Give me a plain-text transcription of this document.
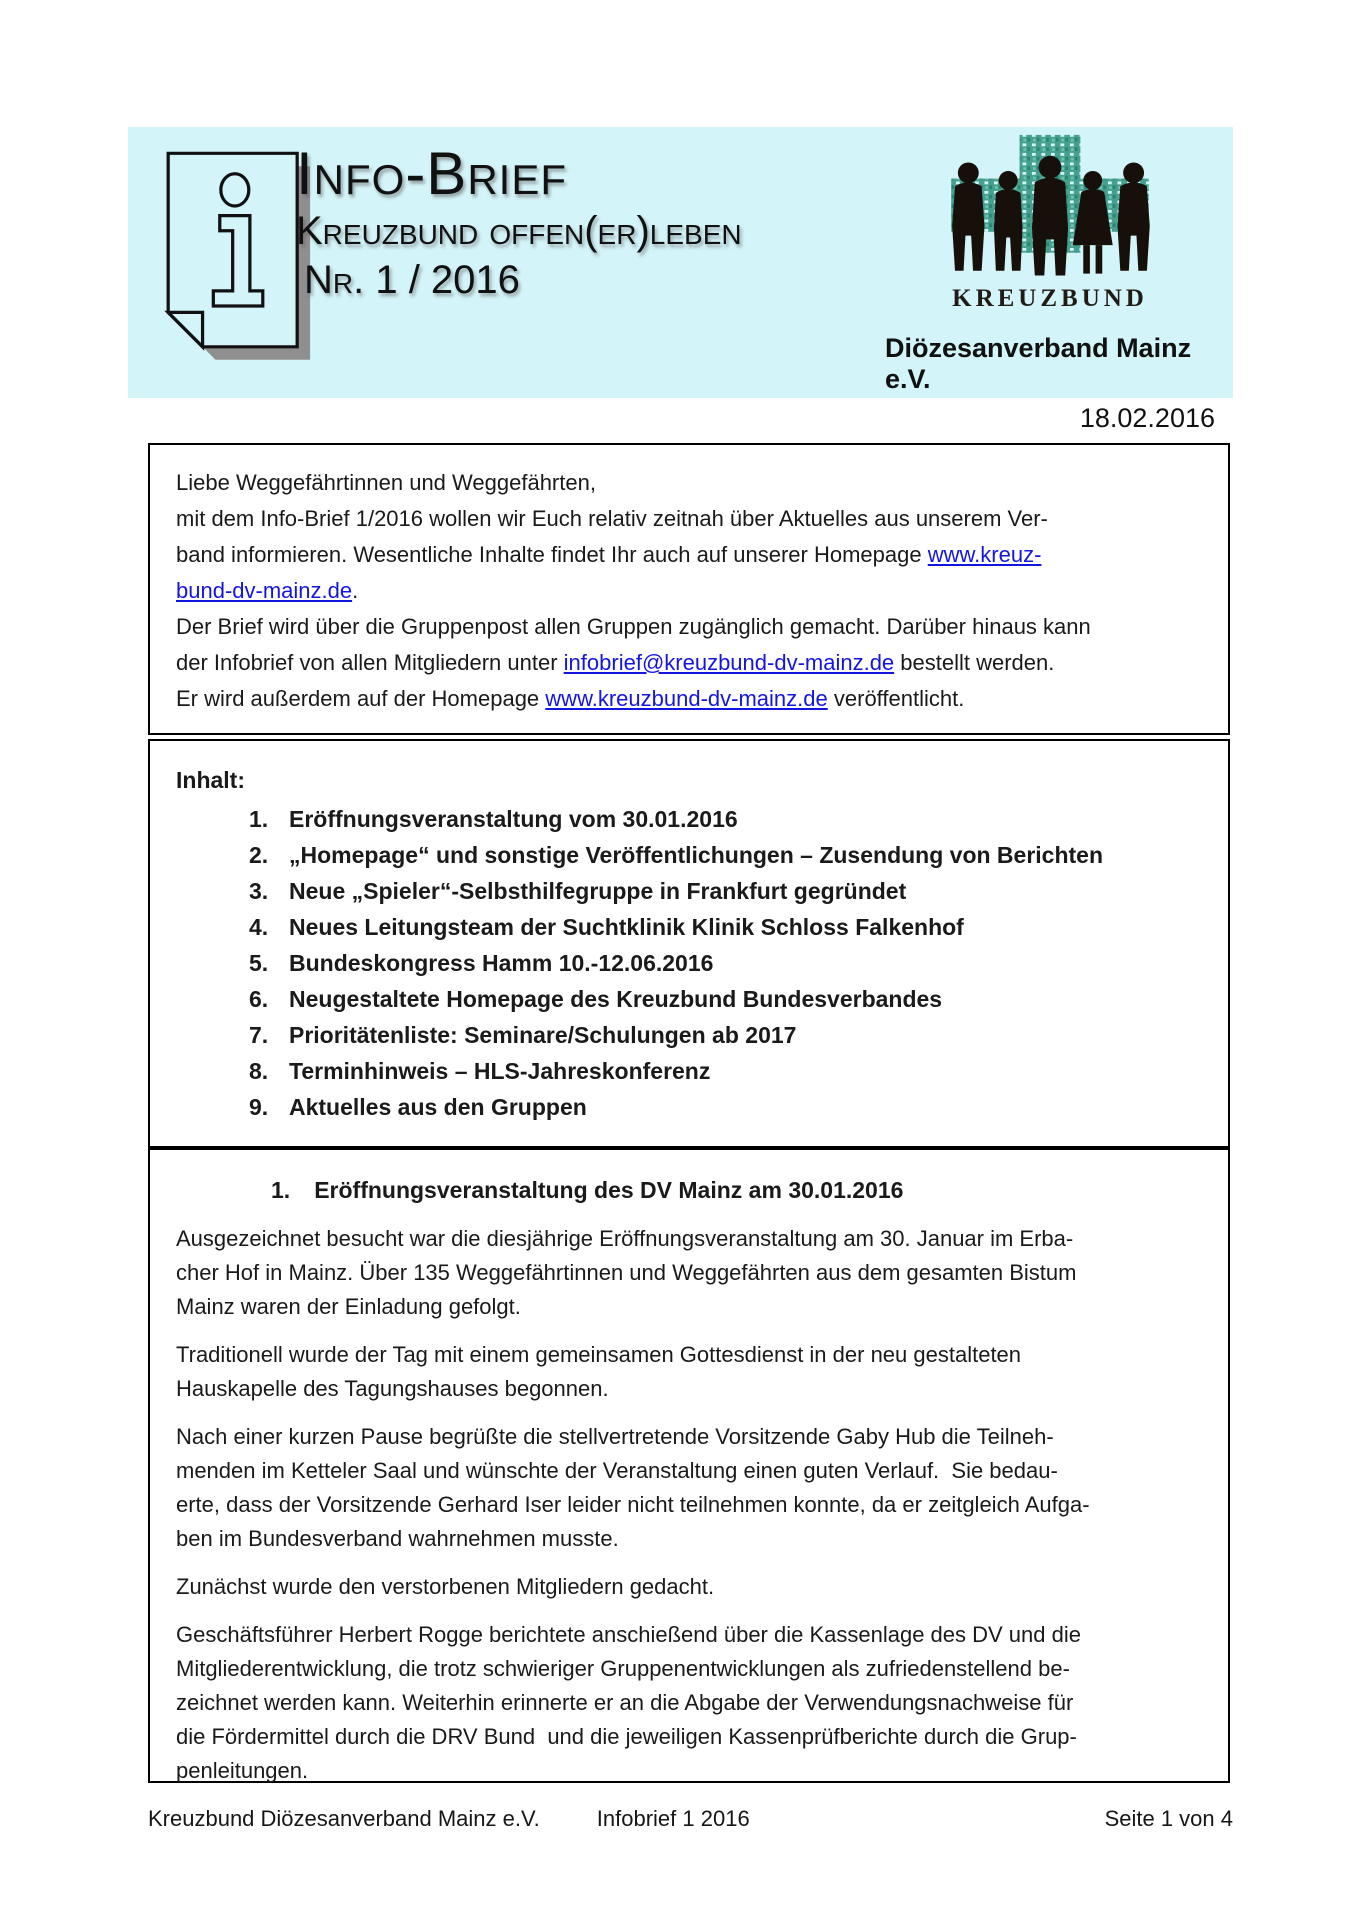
Info-Brief
Kreuzbund offen(er)leben
Nr. 1 / 2016	KREUZBUND
Diözesanverband Mainz e.V.
18.02.2016
Liebe Weggefährtinnen und Weggefährten,
mit dem Info-Brief 1/2016 wollen wir Euch relativ zeitnah über Aktuelles aus unserem Ver-
band informieren. Wesentliche Inhalte findet Ihr auch auf unserer Homepage www.kreuz-
bund-dv-mainz.de.
Der Brief wird über die Gruppenpost allen Gruppen zugänglich gemacht. Darüber hinaus kann
der Infobrief von allen Mitgliedern unter infobrief@kreuzbund-dv-mainz.de bestellt werden.
Er wird außerdem auf der Homepage www.kreuzbund-dv-mainz.de veröffentlicht.
Inhalt:
1. Eröffnungsveranstaltung vom 30.01.2016
2. „Homepage“ und sonstige Veröffentlichungen – Zusendung von Berichten
3. Neue „Spieler“-Selbsthilfegruppe in Frankfurt gegründet
4. Neues Leitungsteam der Suchtklinik Klinik Schloss Falkenhof
5. Bundeskongress Hamm 10.-12.06.2016
6. Neugestaltete Homepage des Kreuzbund Bundesverbandes
7. Prioritätenliste: Seminare/Schulungen ab 2017
8. Terminhinweis – HLS-Jahreskonferenz
9. Aktuelles aus den Gruppen
1. Eröffnungsveranstaltung des DV Mainz am 30.01.2016
Ausgezeichnet besucht war die diesjährige Eröffnungsveranstaltung am 30. Januar im Erba-
cher Hof in Mainz. Über 135 Weggefährtinnen und Weggefährten aus dem gesamten Bistum
Mainz waren der Einladung gefolgt.
Traditionell wurde der Tag mit einem gemeinsamen Gottesdienst in der neu gestalteten
Hauskapelle des Tagungshauses begonnen.
Nach einer kurzen Pause begrüßte die stellvertretende Vorsitzende Gaby Hub die Teilneh-
menden im Ketteler Saal und wünschte der Veranstaltung einen guten Verlauf.  Sie bedau-
erte, dass der Vorsitzende Gerhard Iser leider nicht teilnehmen konnte, da er zeitgleich Aufga-
ben im Bundesverband wahrnehmen musste.
Zunächst wurde den verstorbenen Mitgliedern gedacht.
Geschäftsführer Herbert Rogge berichtete anschießend über die Kassenlage des DV und die
Mitgliederentwicklung, die trotz schwieriger Gruppenentwicklungen als zufriedenstellend be-
zeichnet werden kann. Weiterhin erinnerte er an die Abgabe der Verwendungsnachweise für
die Fördermittel durch die DRV Bund  und die jeweiligen Kassenprüfberichte durch die Grup-
penleitungen.
Kreuzbund Diözesanverband Mainz e.V.	Infobrief 1 2016	Seite 1 von 4
